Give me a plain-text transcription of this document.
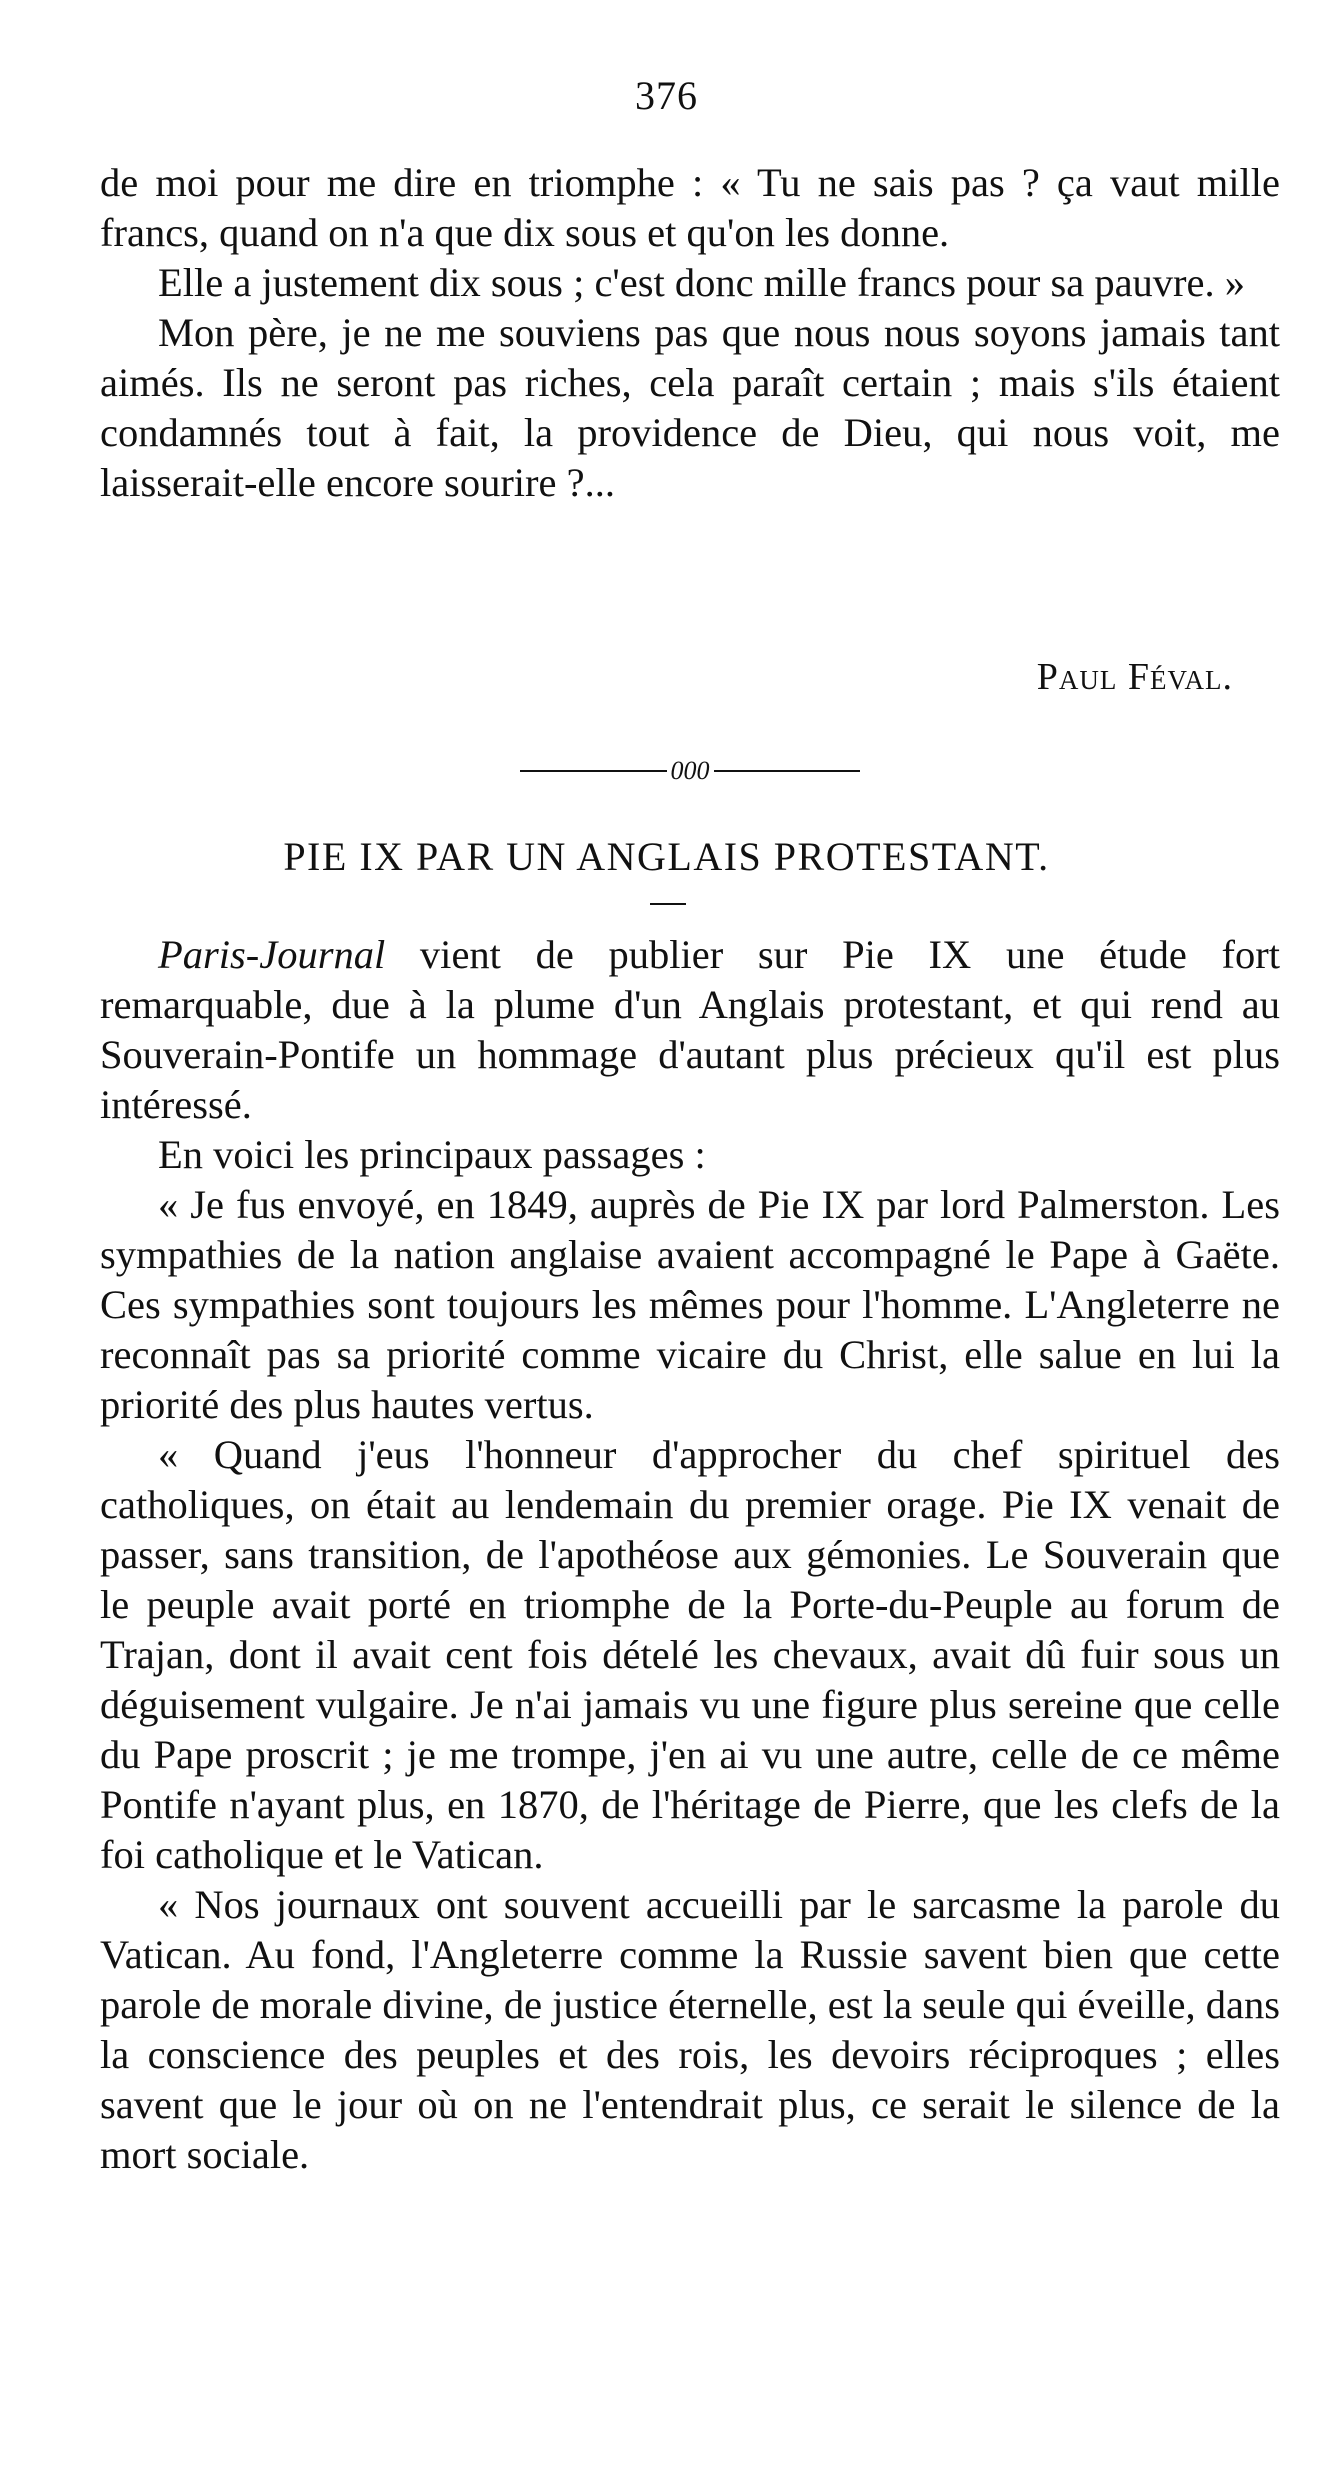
376

de moi pour me dire en triomphe : « Tu ne sais pas ? ça vaut mille francs, quand on n'a que dix sous et qu'on les donne.

Elle a justement dix sous ; c'est donc mille francs pour sa pauvre. »

Mon père, je ne me souviens pas que nous nous soyons jamais tant aimés. Ils ne seront pas riches, cela paraît certain ; mais s'ils étaient condamnés tout à fait, la providence de Dieu, qui nous voit, me laisserait-elle encore sourire ?...

Paul Féval.
000
PIE IX PAR UN ANGLAIS PROTESTANT.

Paris-Journal vient de publier sur Pie IX une étude fort remarquable, due à la plume d'un Anglais protestant, et qui rend au Souverain-Pontife un hommage d'autant plus précieux qu'il est plus intéressé.

En voici les principaux passages :

« Je fus envoyé, en 1849, auprès de Pie IX par lord Palmerston. Les sympathies de la nation anglaise avaient accompagné le Pape à Gaëte. Ces sympathies sont toujours les mêmes pour l'homme. L'Angleterre ne reconnaît pas sa priorité comme vicaire du Christ, elle salue en lui la priorité des plus hautes vertus.

« Quand j'eus l'honneur d'approcher du chef spirituel des catholiques, on était au lendemain du premier orage. Pie IX venait de passer, sans transition, de l'apothéose aux gémonies. Le Souverain que le peuple avait porté en triomphe de la Porte-du-Peuple au forum de Trajan, dont il avait cent fois dételé les chevaux, avait dû fuir sous un déguisement vulgaire. Je n'ai jamais vu une figure plus sereine que celle du Pape proscrit ; je me trompe, j'en ai vu une autre, celle de ce même Pontife n'ayant plus, en 1870, de l'héritage de Pierre, que les clefs de la foi catholique et le Vatican.

« Nos journaux ont souvent accueilli par le sarcasme la parole du Vatican. Au fond, l'Angleterre comme la Russie savent bien que cette parole de morale divine, de justice éternelle, est la seule qui éveille, dans la conscience des peuples et des rois, les devoirs réciproques ; elles savent que le jour où on ne l'entendrait plus, ce serait le silence de la mort sociale.
